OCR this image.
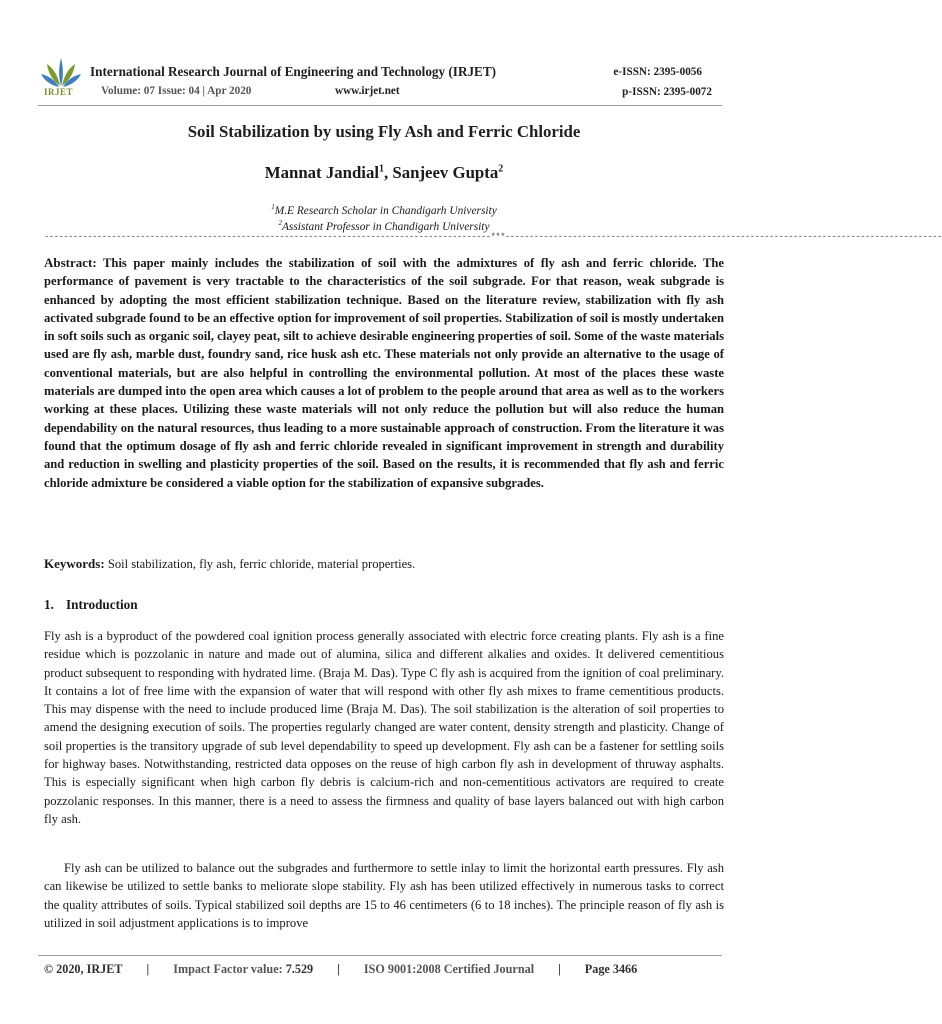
IRJET
International Research Journal of Engineering and Technology (IRJET)
Volume: 07 Issue: 04 | Apr 2020	www.irjet.net
e-ISSN: 2395-0056
p-ISSN: 2395-0072
Soil Stabilization by using Fly Ash and Ferric Chloride
Mannat Jandial$^1$, Sanjeev Gupta$^2$
$^1$M.E Research Scholar in Chandigarh University
$^2$Assistant Professor in Chandigarh University
---------------------------------------------------------------------------------------------***-------------------------------------------------------------------------------------------
Abstract: This paper mainly includes the stabilization of soil with the admixtures of fly ash and ferric chloride. The performance of pavement is very tractable to the characteristics of the soil subgrade. For that reason, weak subgrade is enhanced by adopting the most efficient stabilization technique. Based on the literature review, stabilization with fly ash activated subgrade found to be an effective option for improvement of soil properties. Stabilization of soil is mostly undertaken in soft soils such as organic soil, clayey peat, silt to achieve desirable engineering properties of soil. Some of the waste materials used are fly ash, marble dust, foundry sand, rice husk ash etc. These materials not only provide an alternative to the usage of conventional materials, but are also helpful in controlling the environmental pollution. At most of the places these waste materials are dumped into the open area which causes a lot of problem to the people around that area as well as to the workers working at these places. Utilizing these waste materials will not only reduce the pollution but will also reduce the human dependability on the natural resources, thus leading to a more sustainable approach of construction. From the literature it was found that the optimum dosage of fly ash and ferric chloride revealed in significant improvement in strength and durability and reduction in swelling and plasticity properties of the soil. Based on the results, it is recommended that fly ash and ferric chloride admixture be considered a viable option for the stabilization of expansive subgrades.
Keywords: Soil stabilization, fly ash, ferric chloride, material properties.
1. Introduction
Fly ash is a byproduct of the powdered coal ignition process generally associated with electric force creating plants. Fly ash is a fine residue which is pozzolanic in nature and made out of alumina, silica and different alkalies and oxides. It delivered cementitious product subsequent to responding with hydrated lime. (Braja M. Das). Type C fly ash is acquired from the ignition of coal preliminary. It contains a lot of free lime with the expansion of water that will respond with other fly ash mixes to frame cementitious products. This may dispense with the need to include produced lime (Braja M. Das). The soil stabilization is the alteration of soil properties to amend the designing execution of soils. The properties regularly changed are water content, density strength and plasticity. Change of soil properties is the transitory upgrade of sub level dependability to speed up development. Fly ash can be a fastener for settling soils for highway bases. Notwithstanding, restricted data opposes on the reuse of high carbon fly ash in development of thruway asphalts. This is especially significant when high carbon fly debris is calcium-rich and non-cementitious activators are required to create pozzolanic responses. In this manner, there is a need to assess the firmness and quality of base layers balanced out with high carbon fly ash.
Fly ash can be utilized to balance out the subgrades and furthermore to settle inlay to limit the horizontal earth pressures. Fly ash can likewise be utilized to settle banks to meliorate slope stability. Fly ash has been utilized effectively in numerous tasks to correct the quality attributes of soils. Typical stabilized soil depths are 15 to 46 centimeters (6 to 18 inches). The principle reason of fly ash is utilized in soil adjustment applications is to improve
© 2020, IRJET | Impact Factor value: 7.529 | ISO 9001:2008 Certified Journal | Page 3466
